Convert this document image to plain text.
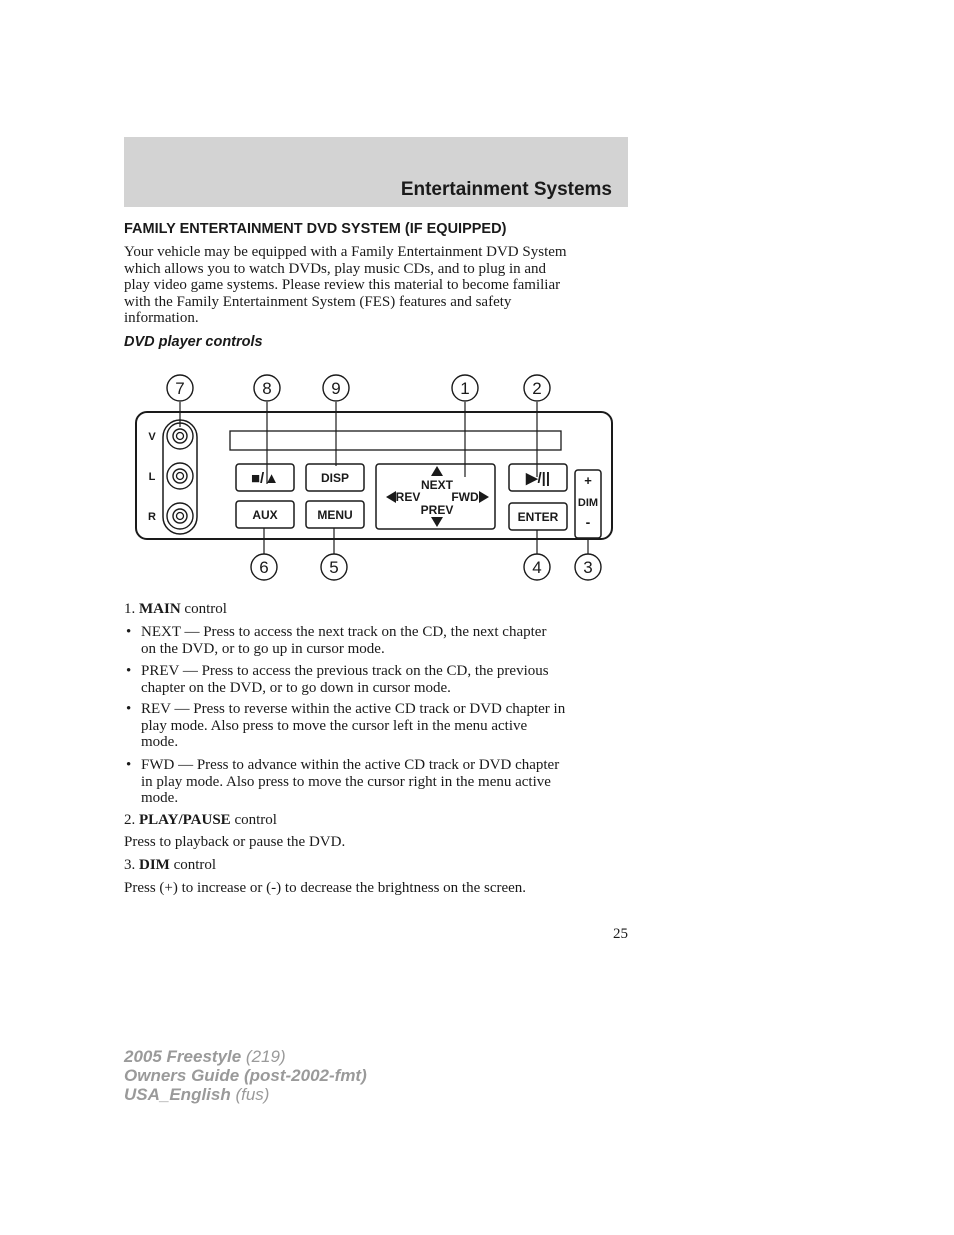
Entertainment Systems
FAMILY ENTERTAINMENT DVD SYSTEM (IF EQUIPPED)
Your vehicle may be equipped with a Family Entertainment DVD System
which allows you to watch DVDs, play music CDs, and to plug in and
play video game systems. Please review this material to become familiar
with the Family Entertainment System (FES) features and safety
information.
DVD player controls
V
L
R
■/▲	DISP
AUX	MENU
NEXT
REV	FWD
PREV
▶/||
ENTER
+
DIM
-
7	8	9	1	2
6	5	4 3
1. MAIN control
• NEXT — Press to access the next track on the CD, the next chapter
on the DVD, or to go up in cursor mode.
• PREV — Press to access the previous track on the CD, the previous
chapter on the DVD, or to go down in cursor mode.
• REV — Press to reverse within the active CD track or DVD chapter in
play mode. Also press to move the cursor left in the menu active
mode.
• FWD — Press to advance within the active CD track or DVD chapter
in play mode. Also press to move the cursor right in the menu active
mode.
2. PLAY/PAUSE control
Press to playback or pause the DVD.
3. DIM control
Press (+) to increase or (-) to decrease the brightness on the screen.
25
2005 Freestyle (219)
Owners Guide (post-2002-fmt)
USA_English (fus)
